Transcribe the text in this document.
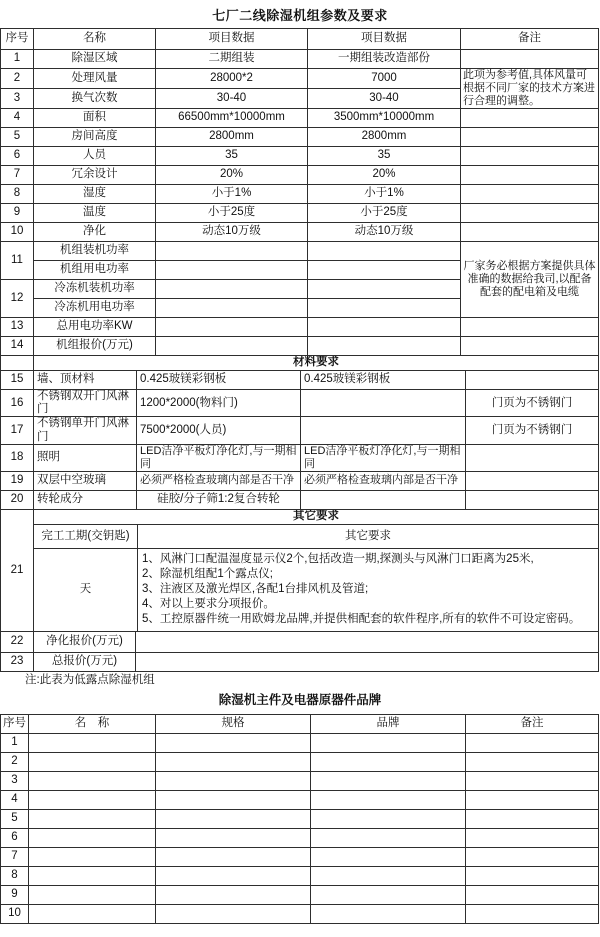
七厂二线除湿机组参数及要求
序号	名称	项目数据	项目数据	备注
1	除湿区域	二期组装	一期组装改造部份	
2	处理风量	28000*2	7000	此项为参考值,具体风量可根据不同厂家的技术方案进行合理的调整。
3	换气次数	30-40	30-40	
4	面积	66500mm*10000mm	3500mm*10000mm	
5	房间高度	2800mm	2800mm	
6	人员	35	35	
7	冗余设计	20%	20%	
8	湿度	小于1%	小于1%	
9	温度	小于25度	小于25度	
10	净化	动态10万级	动态10万级	
11	机组装机功率			厂家务必根据方案提供具体准确的数据给我司,以配备配套的配电箱及电缆
	机组用电功率			
12	冷冻机装机功率			
	冷冻机用电功率			
13	总用电功率KW			
14	机组报价(万元)			
	材料要求			
15	墙、顶材料	0.425玻镁彩钢板	0.425玻镁彩钢板	
16	不锈钢双开门风淋门	1200*2000(物料门)		门页为不锈钢门
17	不锈钢单开门风淋门	7500*2000(人员)		门页为不锈钢门
18	照明	LED洁净平板灯净化灯,与一期相同	LED洁净平板灯净化灯,与一期相同	
19	双层中空玻璃	必须严格检查玻璃内部是否干净	必须严格检查玻璃内部是否干净	
20	转轮成分	硅胶/分子筛1:2复合转轮		
21	其它要求	
	完工工期(交钥匙)	其它要求
	天	1、风淋门口配温湿度显示仪2个,包括改造一期,探测头与风淋门口距离为25米,
2、除湿机组配1个露点仪;
3、注液区及激光焊区,各配1台排风机及管道;
4、对以上要求分项报价。
5、工控原器件统一用欧姆龙品牌,并提供相配套的软件程序,所有的软件不可设定密码。
22	净化报价(万元)	
23	总报价(万元)	
注:此表为低露点除湿机组
除湿机主件及电器原器件品牌
序号	名　称	规格	品牌	备注
1				
2				
3				
4				
5				
6				
7				
8				
9				
10				
